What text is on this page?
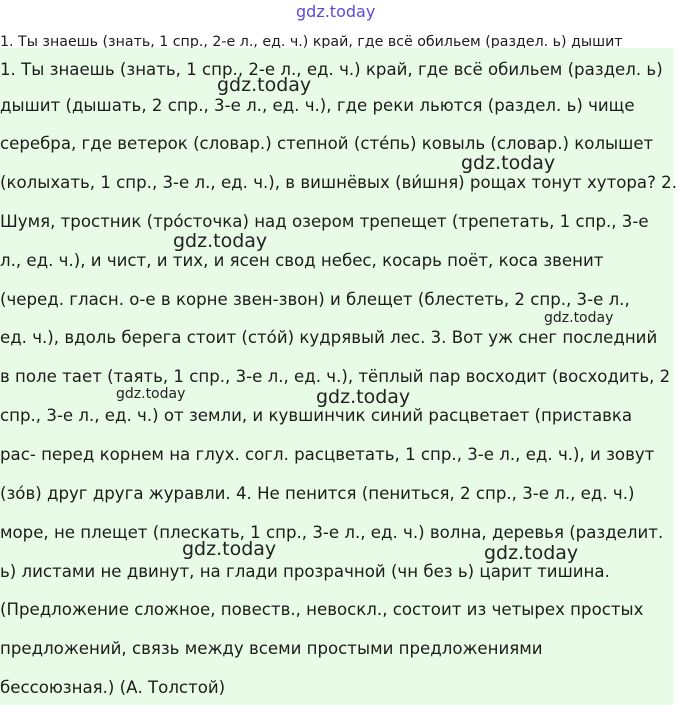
gdz.today
1. Ты знаешь (знать, 1 спр., 2-е л., ед. ч.) край, где всё обильем (раздел. ь) дышит
1. Ты знаешь (знать, 1 спр., 2-е л., ед. ч.) край, где всё обильем (раздел. ь)
дышит (дышать, 2 спр., 3-е л., ед. ч.), где реки льются (раздел. ь) чище
серебра, где ветерок (словар.) степной (сте́пь) ковыль (словар.) колышет
(колыхать, 1 спр., 3-е л., ед. ч.), в вишнёвых (ви́шня) рощах тонут хутора? 2.
Шумя, тростник (тро́сточка) над озером трепещет (трепетать, 1 спр., 3-е
л., ед. ч.), и чист, и тих, и ясен свод небес, косарь поёт, коса звенит
(черед. гласн. о-е в корне звен-звон) и блещет (блестеть, 2 спр., 3-е л.,
ед. ч.), вдоль берега стоит (сто́й) кудрявый лес. 3. Вот уж снег последний
в поле тает (таять, 1 спр., 3-е л., ед. ч.), тёплый пар восходит (восходить, 2
спр., 3-е л., ед. ч.) от земли, и кувшинчик синий расцветает (приставка
рас- перед корнем на глух. согл. расцветать, 1 спр., 3-е л., ед. ч.), и зовут
(зо́в) друг друга журавли. 4. Не пенится (пениться, 2 спр., 3-е л., ед. ч.)
море, не плещет (плескать, 1 спр., 3-е л., ед. ч.) волна, деревья (разделит.
ь) листами не двинут, на глади прозрачной (чн без ь) царит тишина.
(Предложение сложное, повеств., невоскл., состоит из четырех простых
предложений, связь между всеми простыми предложениями
бессоюзная.) (А. Толстой)
gdz.today
gdz.today
gdz.today
gdz.today
gdz.today	gdz.today
gdz.today	gdz.today
